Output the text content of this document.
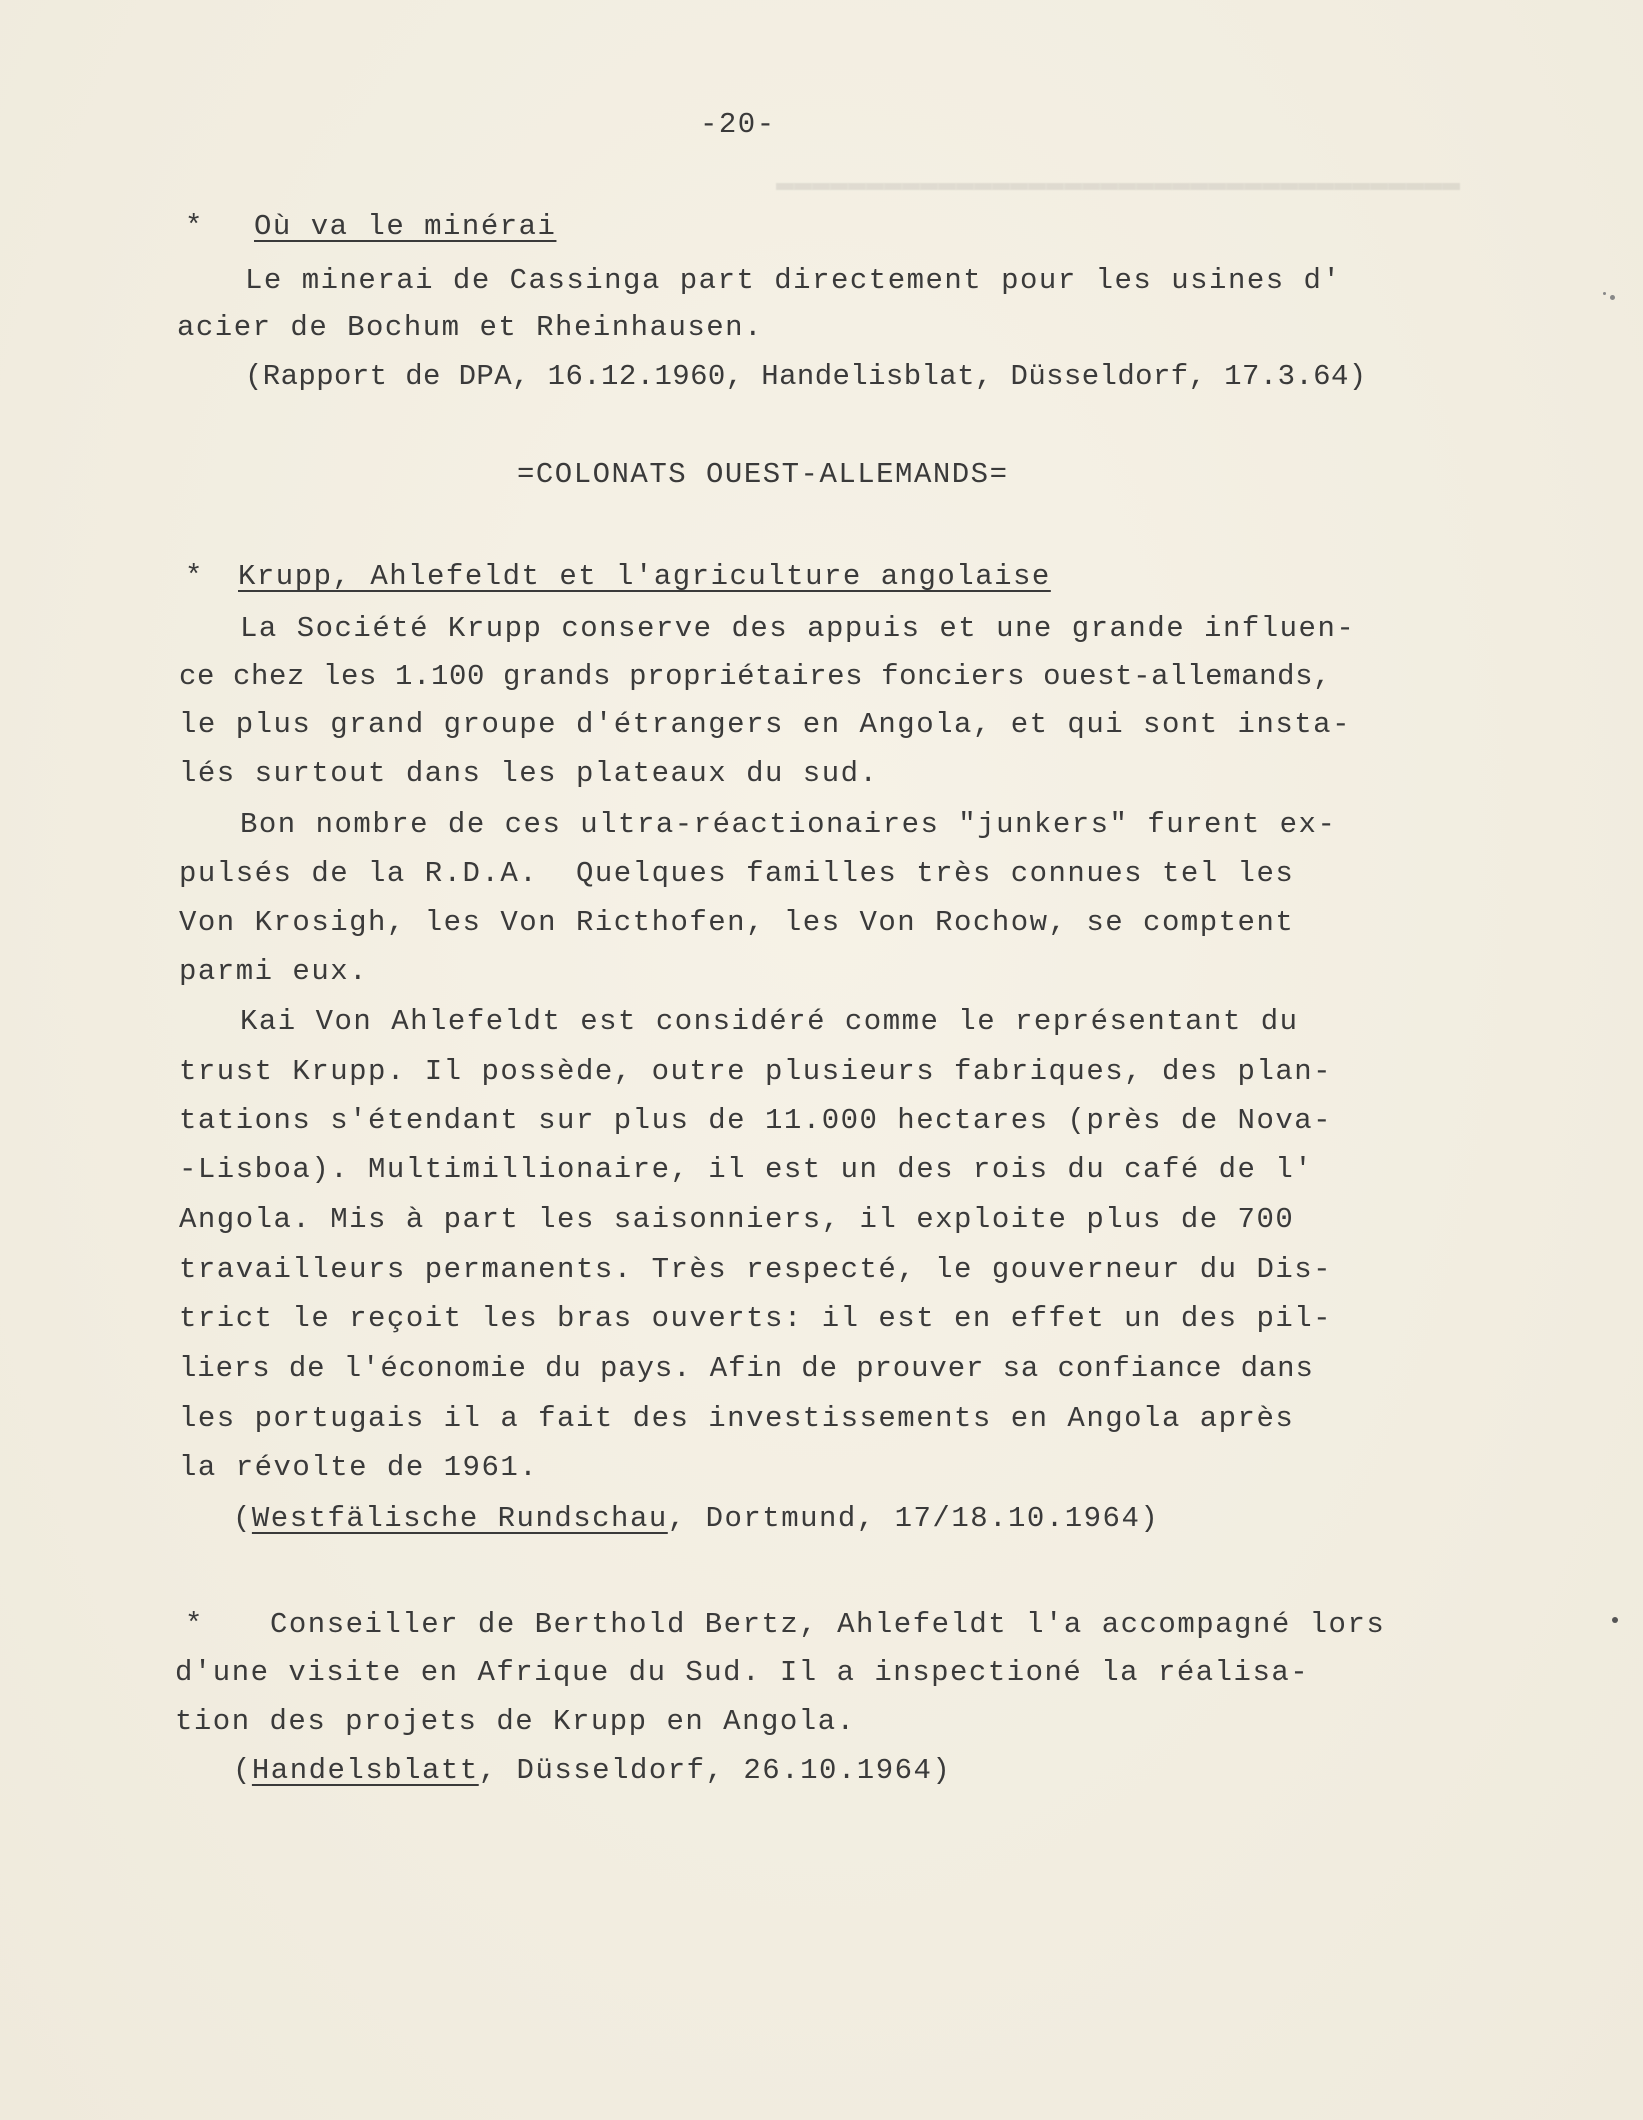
▬▬▬▬▬▬▬▬▬▬▬▬▬▬▬▬▬▬▬▬▬▬▬▬▬▬▬▬▬▬▬▬▬▬▬▬▬▬
-20-
* Où va le minérai
Le minerai de Cassinga part directement pour les usines d'
acier de Bochum et Rheinhausen.
(Rapport de DPA, 16.12.1960, Handelisblat, Düsseldorf, 17.3.64)
=COLONATS OUEST-ALLEMANDS=
* Krupp, Ahlefeldt et l'agriculture angolaise
La Société Krupp conserve des appuis et une grande influen-
ce chez les 1.100 grands propriétaires fonciers ouest-allemands,
le plus grand groupe d'étrangers en Angola, et qui sont insta-
lés surtout dans les plateaux du sud.
Bon nombre de ces ultra-réactionaires "junkers" furent ex-
pulsés de la R.D.A.  Quelques familles très connues tel les
Von Krosigh, les Von Ricthofen, les Von Rochow, se comptent
parmi eux.
Kai Von Ahlefeldt est considéré comme le représentant du
trust Krupp. Il possède, outre plusieurs fabriques, des plan-
tations s'étendant sur plus de 11.000 hectares (près de Nova-
-Lisboa). Multimillionaire, il est un des rois du café de l'
Angola. Mis à part les saisonniers, il exploite plus de 700
travailleurs permanents. Très respecté, le gouverneur du Dis-
trict le reçoit les bras ouverts: il est en effet un des pil-
liers de l'économie du pays. Afin de prouver sa confiance dans
les portugais il a fait des investissements en Angola après
la révolte de 1961.
(Westfälische Rundschau, Dortmund, 17/18.10.1964)
* Conseiller de Berthold Bertz, Ahlefeldt l'a accompagné lors
d'une visite en Afrique du Sud. Il a inspectioné la réalisa-
tion des projets de Krupp en Angola.
(Handelsblatt, Düsseldorf, 26.10.1964)
